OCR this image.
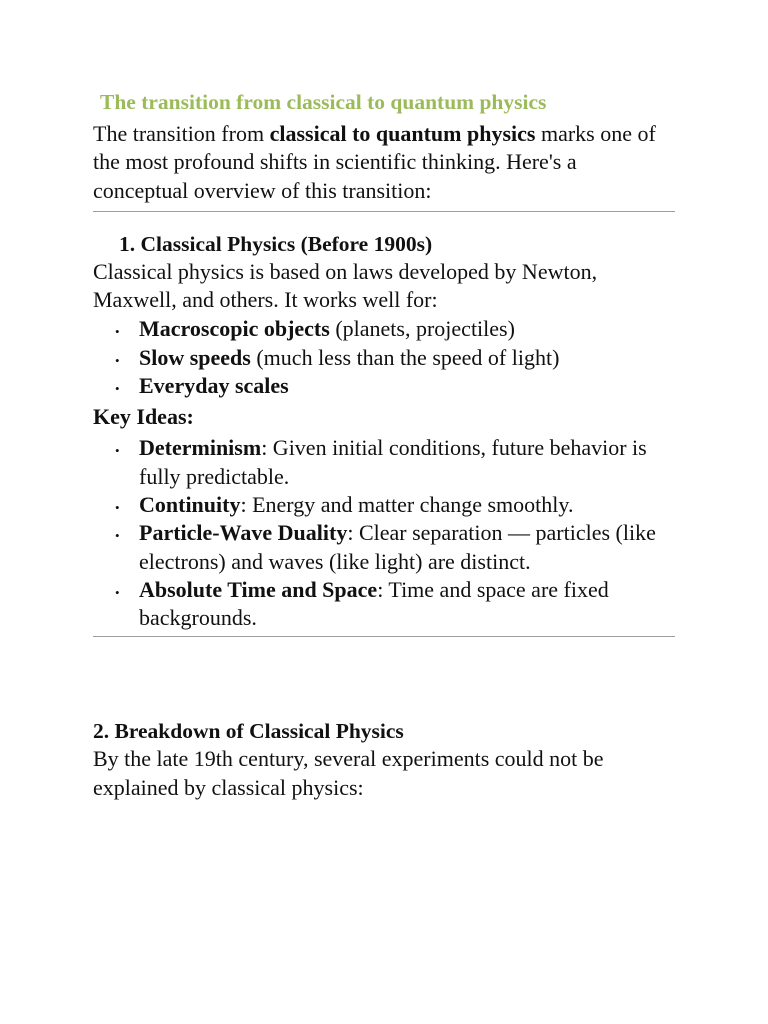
The transition from classical to quantum physics

The transition from classical to quantum physics marks one of the most profound shifts in scientific thinking. Here's a conceptual overview of this transition:

1. Classical Physics (Before 1900s)

Classical physics is based on laws developed by Newton, Maxwell, and others. It works well for:

• Macroscopic objects (planets, projectiles)
• Slow speeds (much less than the speed of light)
• Everyday scales
Key Ideas:
• Determinism: Given initial conditions, future behavior is fully predictable.
• Continuity: Energy and matter change smoothly.
• Particle-Wave Duality: Clear separation — particles (like electrons) and waves (like light) are distinct.
• Absolute Time and Space: Time and space are fixed backgrounds.
2. Breakdown of Classical Physics

By the late 19th century, several experiments could not be explained by classical physics:
